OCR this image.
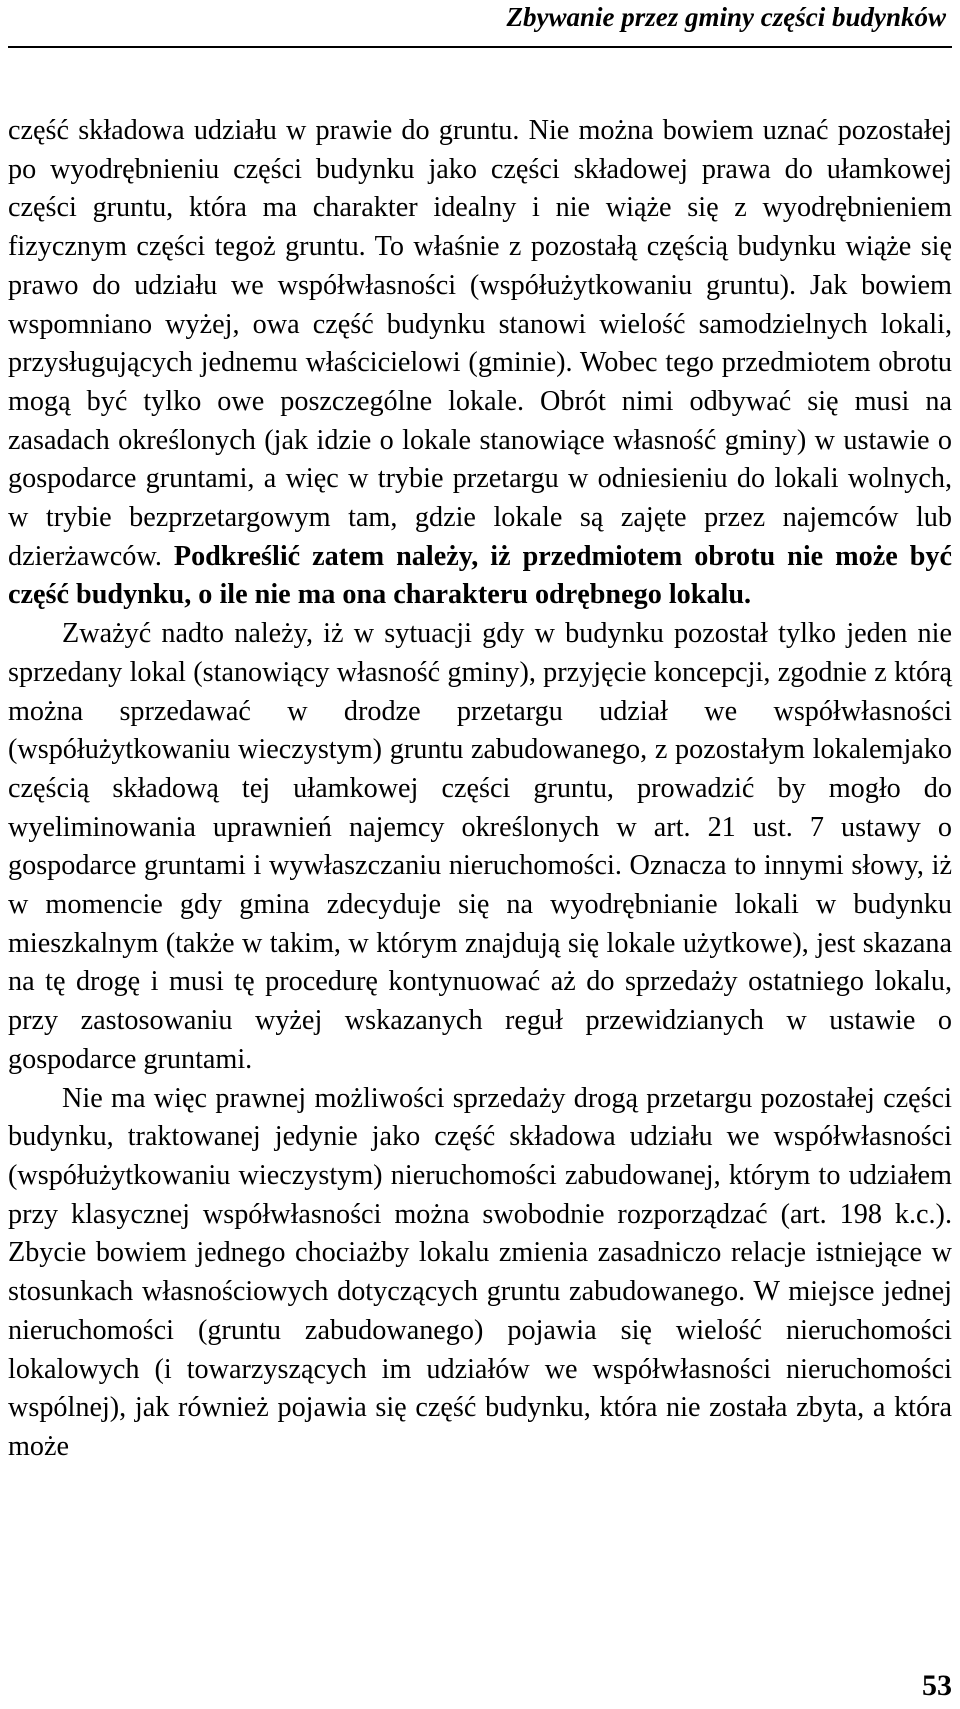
Zbywanie przez gminy części budynków

część składowa udziału w prawie do gruntu. Nie można bowiem uznać pozostałej po wyodrębnieniu części budynku jako części składowej prawa do ułamkowej części gruntu, która ma charakter idealny i nie wiąże się z wyodrębnieniem fizycznym części tegoż gruntu. To właśnie z pozostałą częścią budynku wiąże się prawo do udziału we współwłasności (współużytkowaniu gruntu). Jak bowiem wspomniano wyżej, owa część budynku stanowi wielość samodzielnych lokali, przysługujących jednemu właścicielowi (gminie). Wobec tego przedmiotem obrotu mogą być tylko owe poszczególne lokale. Obrót nimi odbywać się musi na zasadach określonych (jak idzie o lokale stanowiące własność gminy) w ustawie o gospodarce gruntami, a więc w trybie przetargu w odniesieniu do lokali wolnych, w trybie bezprzetargowym tam, gdzie lokale są zajęte przez najemców lub dzierżawców. Podkreślić zatem należy, iż przedmiotem obrotu nie może być część budynku, o ile nie ma ona charakteru odrębnego lokalu.

Zważyć nadto należy, iż w sytuacji gdy w budynku pozostał tylko jeden nie sprzedany lokal (stanowiący własność gminy), przyjęcie koncepcji, zgodnie z którą można sprzedawać w drodze przetargu udział we współwłasności (współużytkowaniu wieczystym) gruntu zabudowanego, z pozostałym lokalemjako częścią składową tej ułamkowej części gruntu, prowadzić by mogło do wyeliminowania uprawnień najemcy określonych w art. 21 ust. 7 ustawy o gospodarce gruntami i wywłaszczaniu nieruchomości. Oznacza to innymi słowy, iż w momencie gdy gmina zdecyduje się na wyodrębnianie lokali w budynku mieszkalnym (także w takim, w którym znajdują się lokale użytkowe), jest skazana na tę drogę i musi tę procedurę kontynuować aż do sprzedaży ostatniego lokalu, przy zastosowaniu wyżej wskazanych reguł przewidzianych w ustawie o gospodarce gruntami.

Nie ma więc prawnej możliwości sprzedaży drogą przetargu pozostałej części budynku, traktowanej jedynie jako część składowa udziału we współwłasności (współużytkowaniu wieczystym) nieruchomości zabudowanej, którym to udziałem przy klasycznej współwłasności można swobodnie rozporządzać (art. 198 k.c.). Zbycie bowiem jednego chociażby lokalu zmienia zasadniczo relacje istniejące w stosunkach własnościowych dotyczących gruntu zabudowanego. W miejsce jednej nieruchomości (gruntu zabudowanego) pojawia się wielość nieruchomości lokalowych (i towarzyszących im udziałów we współwłasności nieruchomości wspólnej), jak również pojawia się część budynku, która nie została zbyta, a która może

53
